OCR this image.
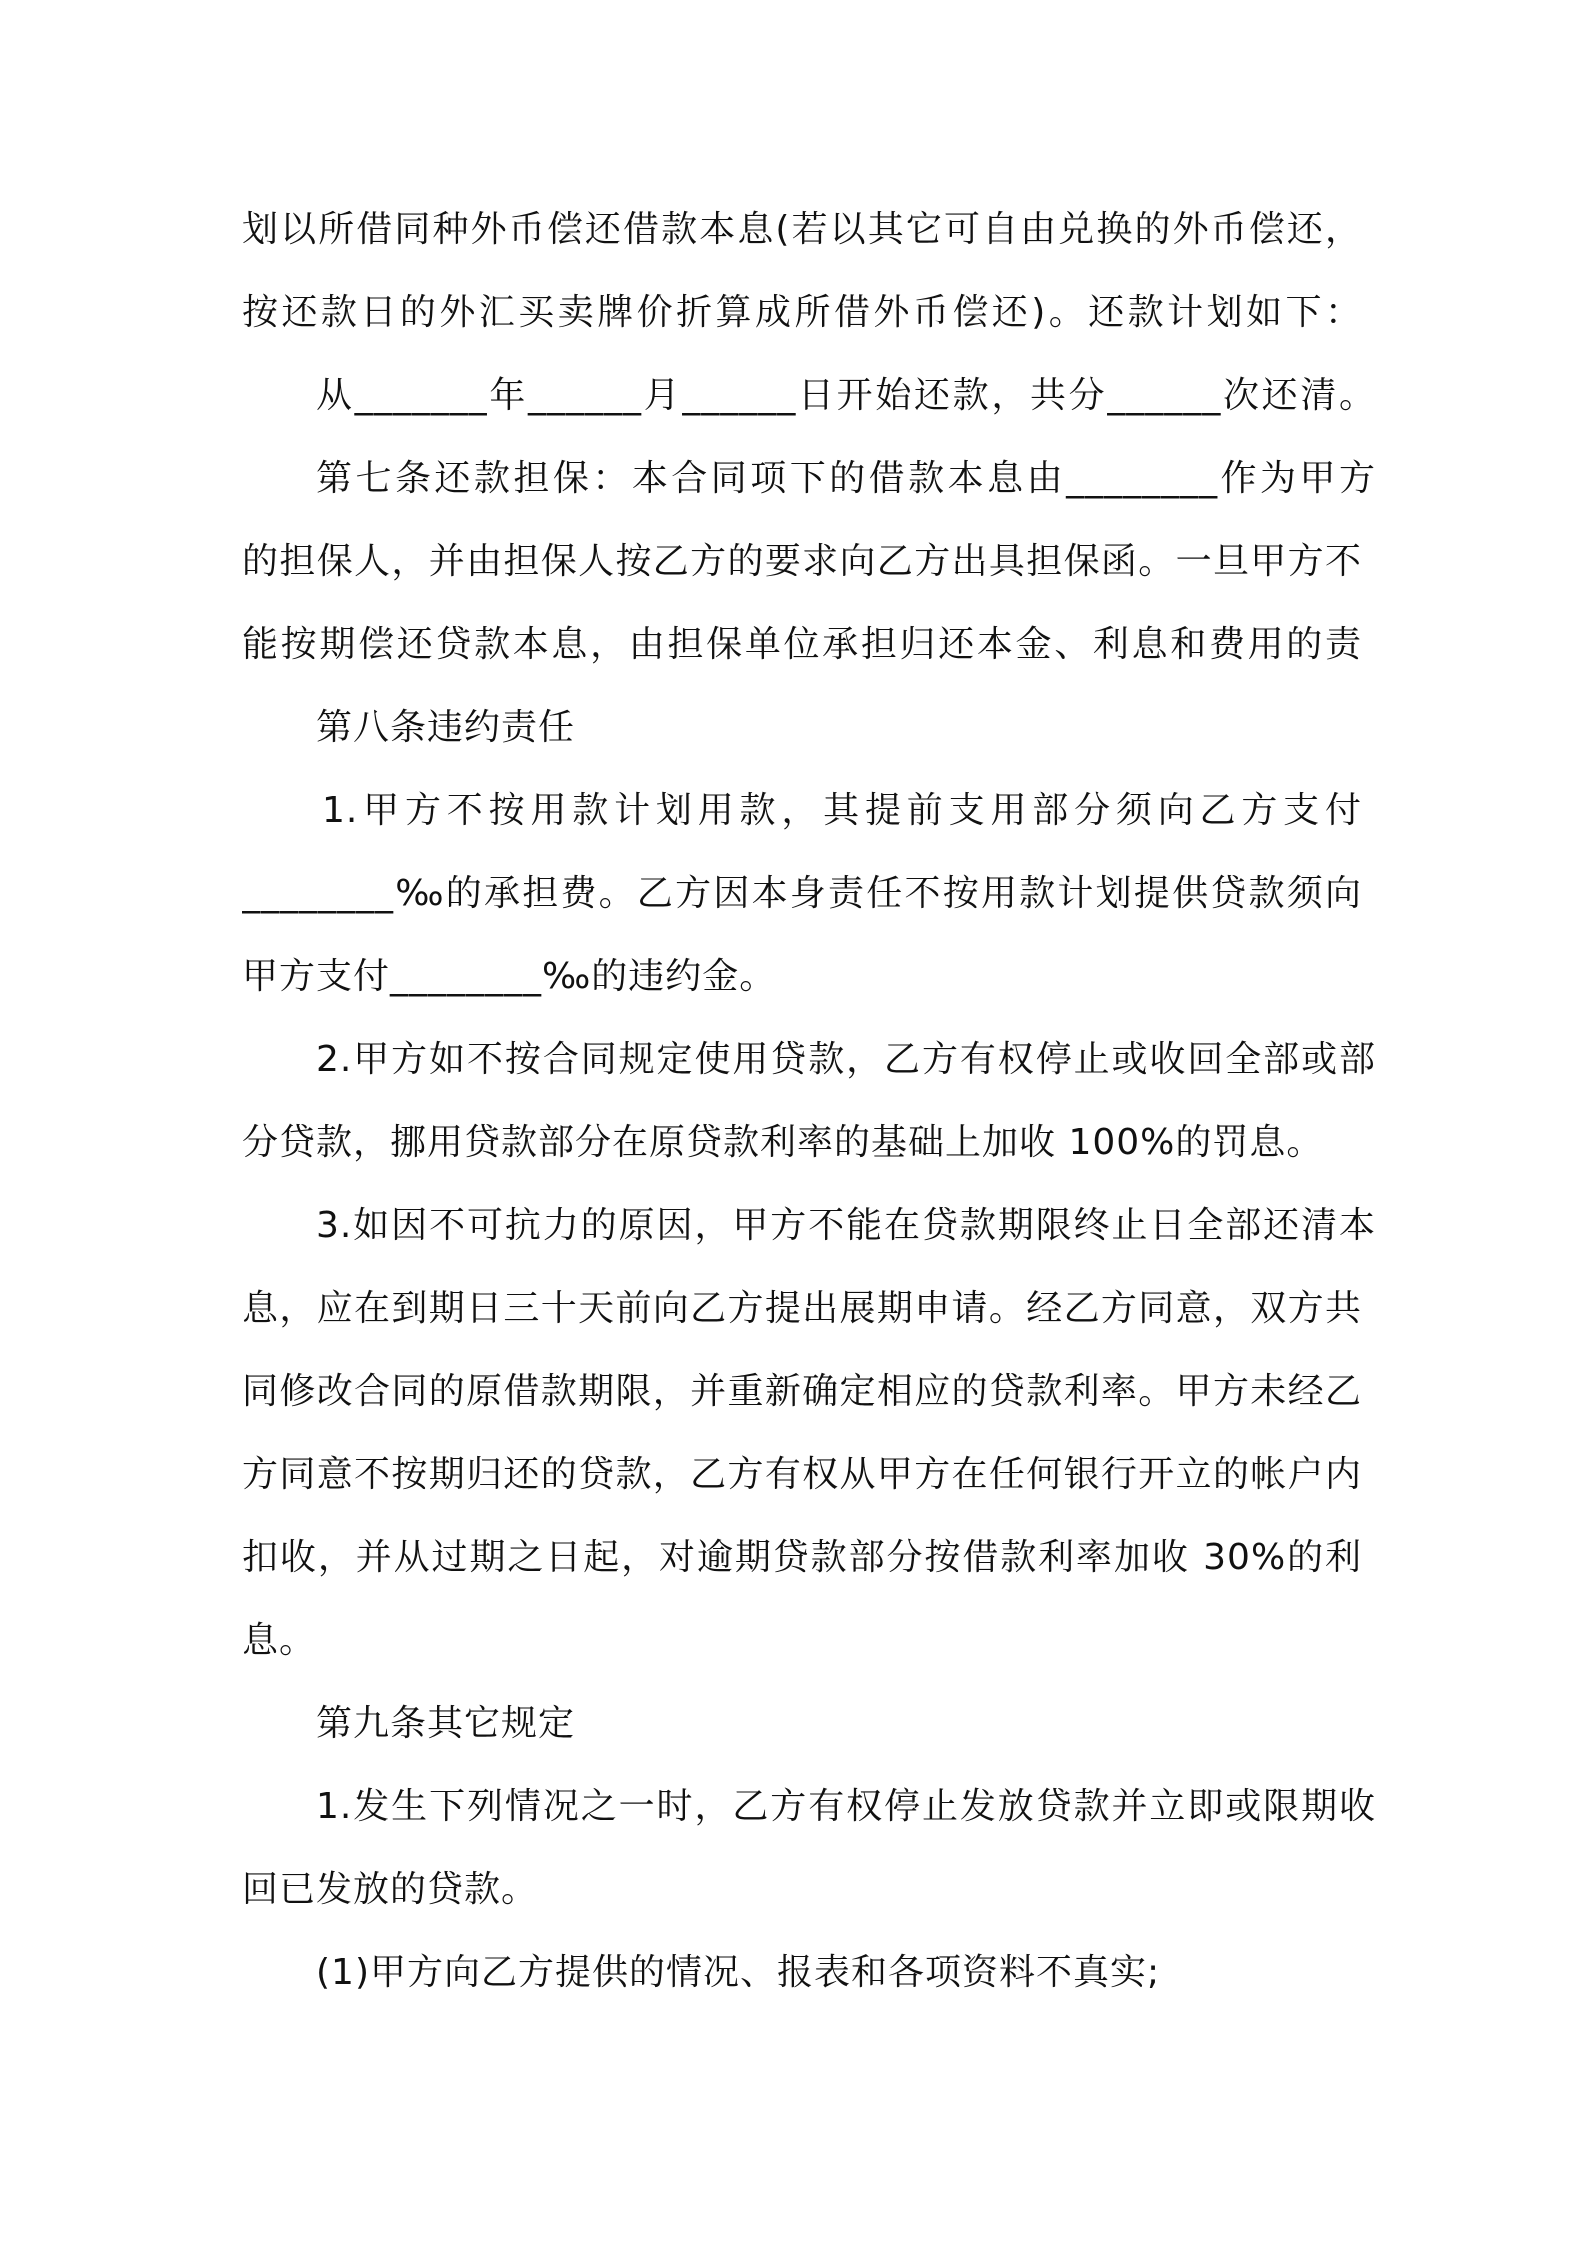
划以所借同种外币偿还借款本息(若以其它可自由兑换的外币偿还，
按还款日的外汇买卖牌价折算成所借外币偿还)。还款计划如下：
从_______年______月______日开始还款，共分______次还清。
第七条还款担保：本合同项下的借款本息由________作为甲方
的担保人，并由担保人按乙方的要求向乙方出具担保函。一旦甲方不
能按期偿还贷款本息，由担保单位承担归还本金、利息和费用的责
第八条违约责任
1.甲方不按用款计划用款，其提前支用部分须向乙方支付
________‰的承担费。乙方因本身责任不按用款计划提供贷款须向
甲方支付________‰的违约金。
2.甲方如不按合同规定使用贷款，乙方有权停止或收回全部或部
分贷款，挪用贷款部分在原贷款利率的基础上加收 100%的罚息。
3.如因不可抗力的原因，甲方不能在贷款期限终止日全部还清本
息，应在到期日三十天前向乙方提出展期申请。经乙方同意，双方共
同修改合同的原借款期限，并重新确定相应的贷款利率。甲方未经乙
方同意不按期归还的贷款，乙方有权从甲方在任何银行开立的帐户内
扣收，并从过期之日起，对逾期贷款部分按借款利率加收 30%的利
息。
第九条其它规定
1.发生下列情况之一时，乙方有权停止发放贷款并立即或限期收
回已发放的贷款。
(1)甲方向乙方提供的情况、报表和各项资料不真实;
